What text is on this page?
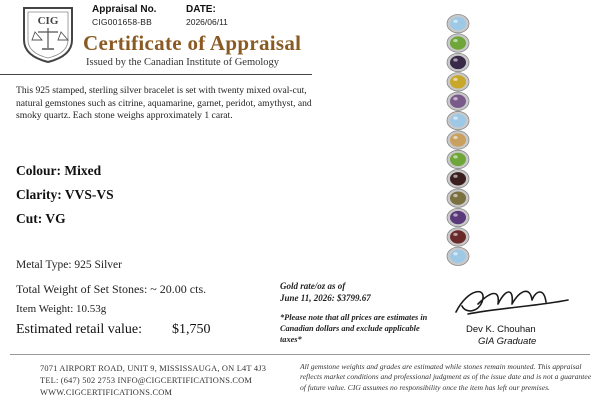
CIG
Appraisal No.
CIG001658-BB
DATE:
2026/06/11
Certificate of Appraisal
Issued by the Canadian Institute of Gemology
This 925 stamped, sterling silver bracelet is set with twenty mixed oval-cut, natural gemstones such as citrine, aquamarine, garnet, peridot, amythyst, and smoky quartz. Each stone weighs approximately 1 carat.
Colour: Mixed
Clarity: VVS-VS
Cut: VG
Metal Type: 925 Silver
Total Weight of Set Stones: ~ 20.00 cts.
Item Weight: 10.53g
Estimated retail value: $1,750
Gold rate/oz as of
June 11, 2026: $3799.67
*Please note that all prices are estimates in Canadian dollars and exclude applicable taxes*
Dev K. Chouhan
GIA Graduate
7071 AIRPORT ROAD, UNIT 9, MISSISSAUGA, ON L4T 4J3
TEL: (647) 502 2753 INFO@CIGCERTIFICATIONS.COM
WWW.CIGCERTIFICATIONS.COM
All gemstone weights and grades are estimated while stones remain mounted. This appraisal reflects market conditions and professional judgment as of the issue date and is not a guarantee of future value. CIG assumes no responsibility once the item has left our premises.
